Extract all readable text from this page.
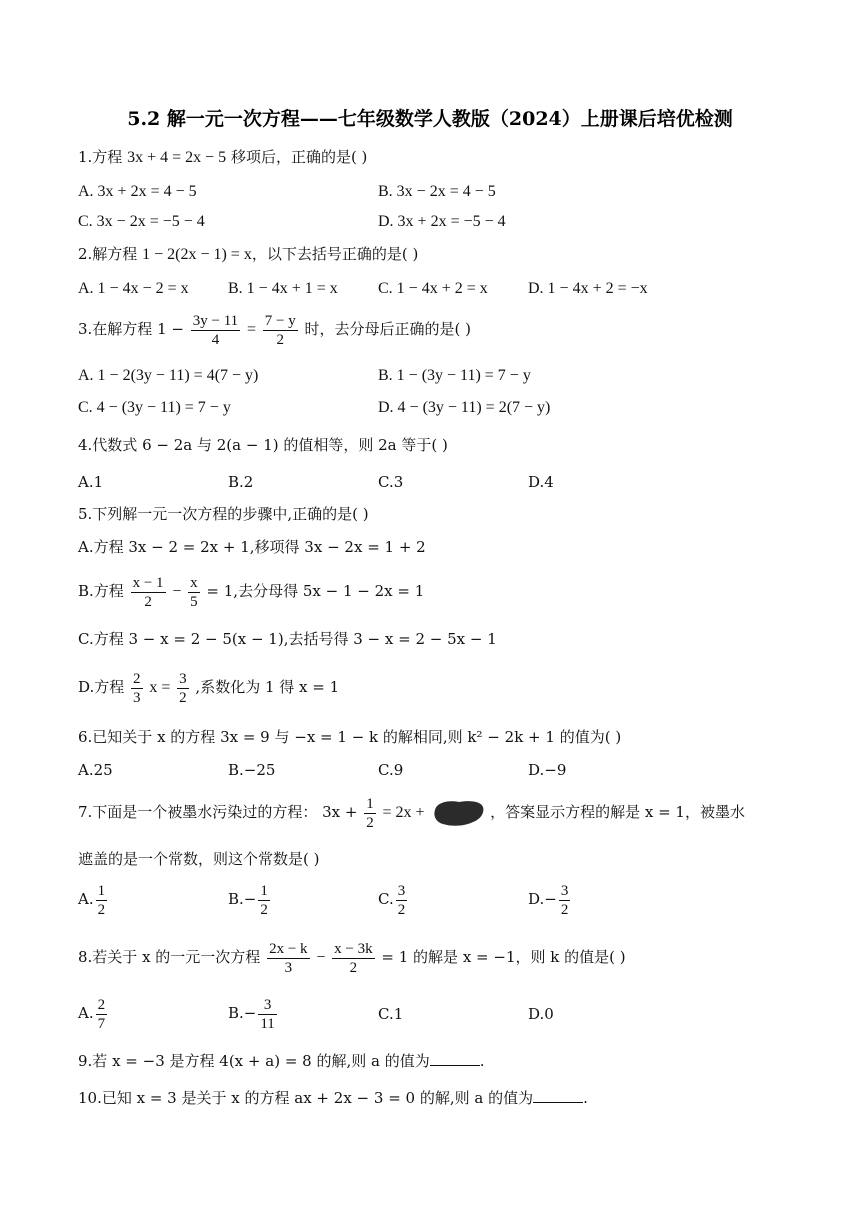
5.2 解一元一次方程——七年级数学人教版（2024）上册课后培优检测
1.方程 3x + 4 = 2x − 5 移项后，正确的是( )
A. 3x + 2x = 4 − 5	B. 3x − 2x = 4 − 5
C. 3x − 2x = −5 − 4	D. 3x + 2x = −5 − 4
2.解方程 1 − 2(2x − 1) = x，以下去括号正确的是( )
A. 1 − 4x − 2 = x B. 1 − 4x + 1 = x	C. 1 − 4x + 2 = x	D. 1 − 4x + 2 = −x
3.在解方程 $1 - \frac{3y - 11}{4} = \frac{7 - y}{2}$ 时，去分母后正确的是( )
A. 1 − 2(3y − 11) = 4(7 − y)	B. 1 − (3y − 11) = 7 − y
C. 4 − (3y − 11) = 7 − y	D. 4 − (3y − 11) = 2(7 − y)
4.代数式 6 − 2a 与 2(a − 1) 的值相等，则 2a 等于( )
A.1	B.2	C.3	D.4
5.下列解一元一次方程的步骤中,正确的是( )
A.方程 3x − 2 = 2x + 1,移项得 3x − 2x = 1 + 2
B.方程 $\frac{x - 1}{2} - \frac{x}{5} = 1$,去分母得 5x − 1 − 2x = 1
C.方程 3 − x = 2 − 5(x − 1),去括号得 3 − x = 2 − 5x − 1
D.方程 $\frac{2}{3}$ $x = \frac{3}{2}$ ,系数化为 1 得 x = 1
6.已知关于 x 的方程 3x = 9 与 −x = 1 − k 的解相同,则 k² − 2k + 1 的值为( )
A.25	B.−25	C.9	D.−9
7.下面是一个被墨水污染过的方程： $3x + \frac{1}{2} = 2x$ +	，答案显示方程的解是 x = 1，被墨水
遮盖的是一个常数，则这个常数是( )
A. $\frac{1}{2}$	$B.- \frac{1}{2}$	C. $\frac{3}{2}$	$D.- \frac{3}{2}$
8.若关于 x 的一元一次方程 $\frac{2x - k}{3} - \frac{x - 3k}{2} = 1$ 的解是 x = −1，则 k 的值是( )
A. $\frac{2}{7}$	$B.- \frac{3}{11}$	C.1	D.0
9.若 x = −3 是方程 4(x + a) = 8 的解,则 a 的值为	.
10.已知 x = 3 是关于 x 的方程 ax + 2x − 3 = 0 的解,则 a 的值为	.
